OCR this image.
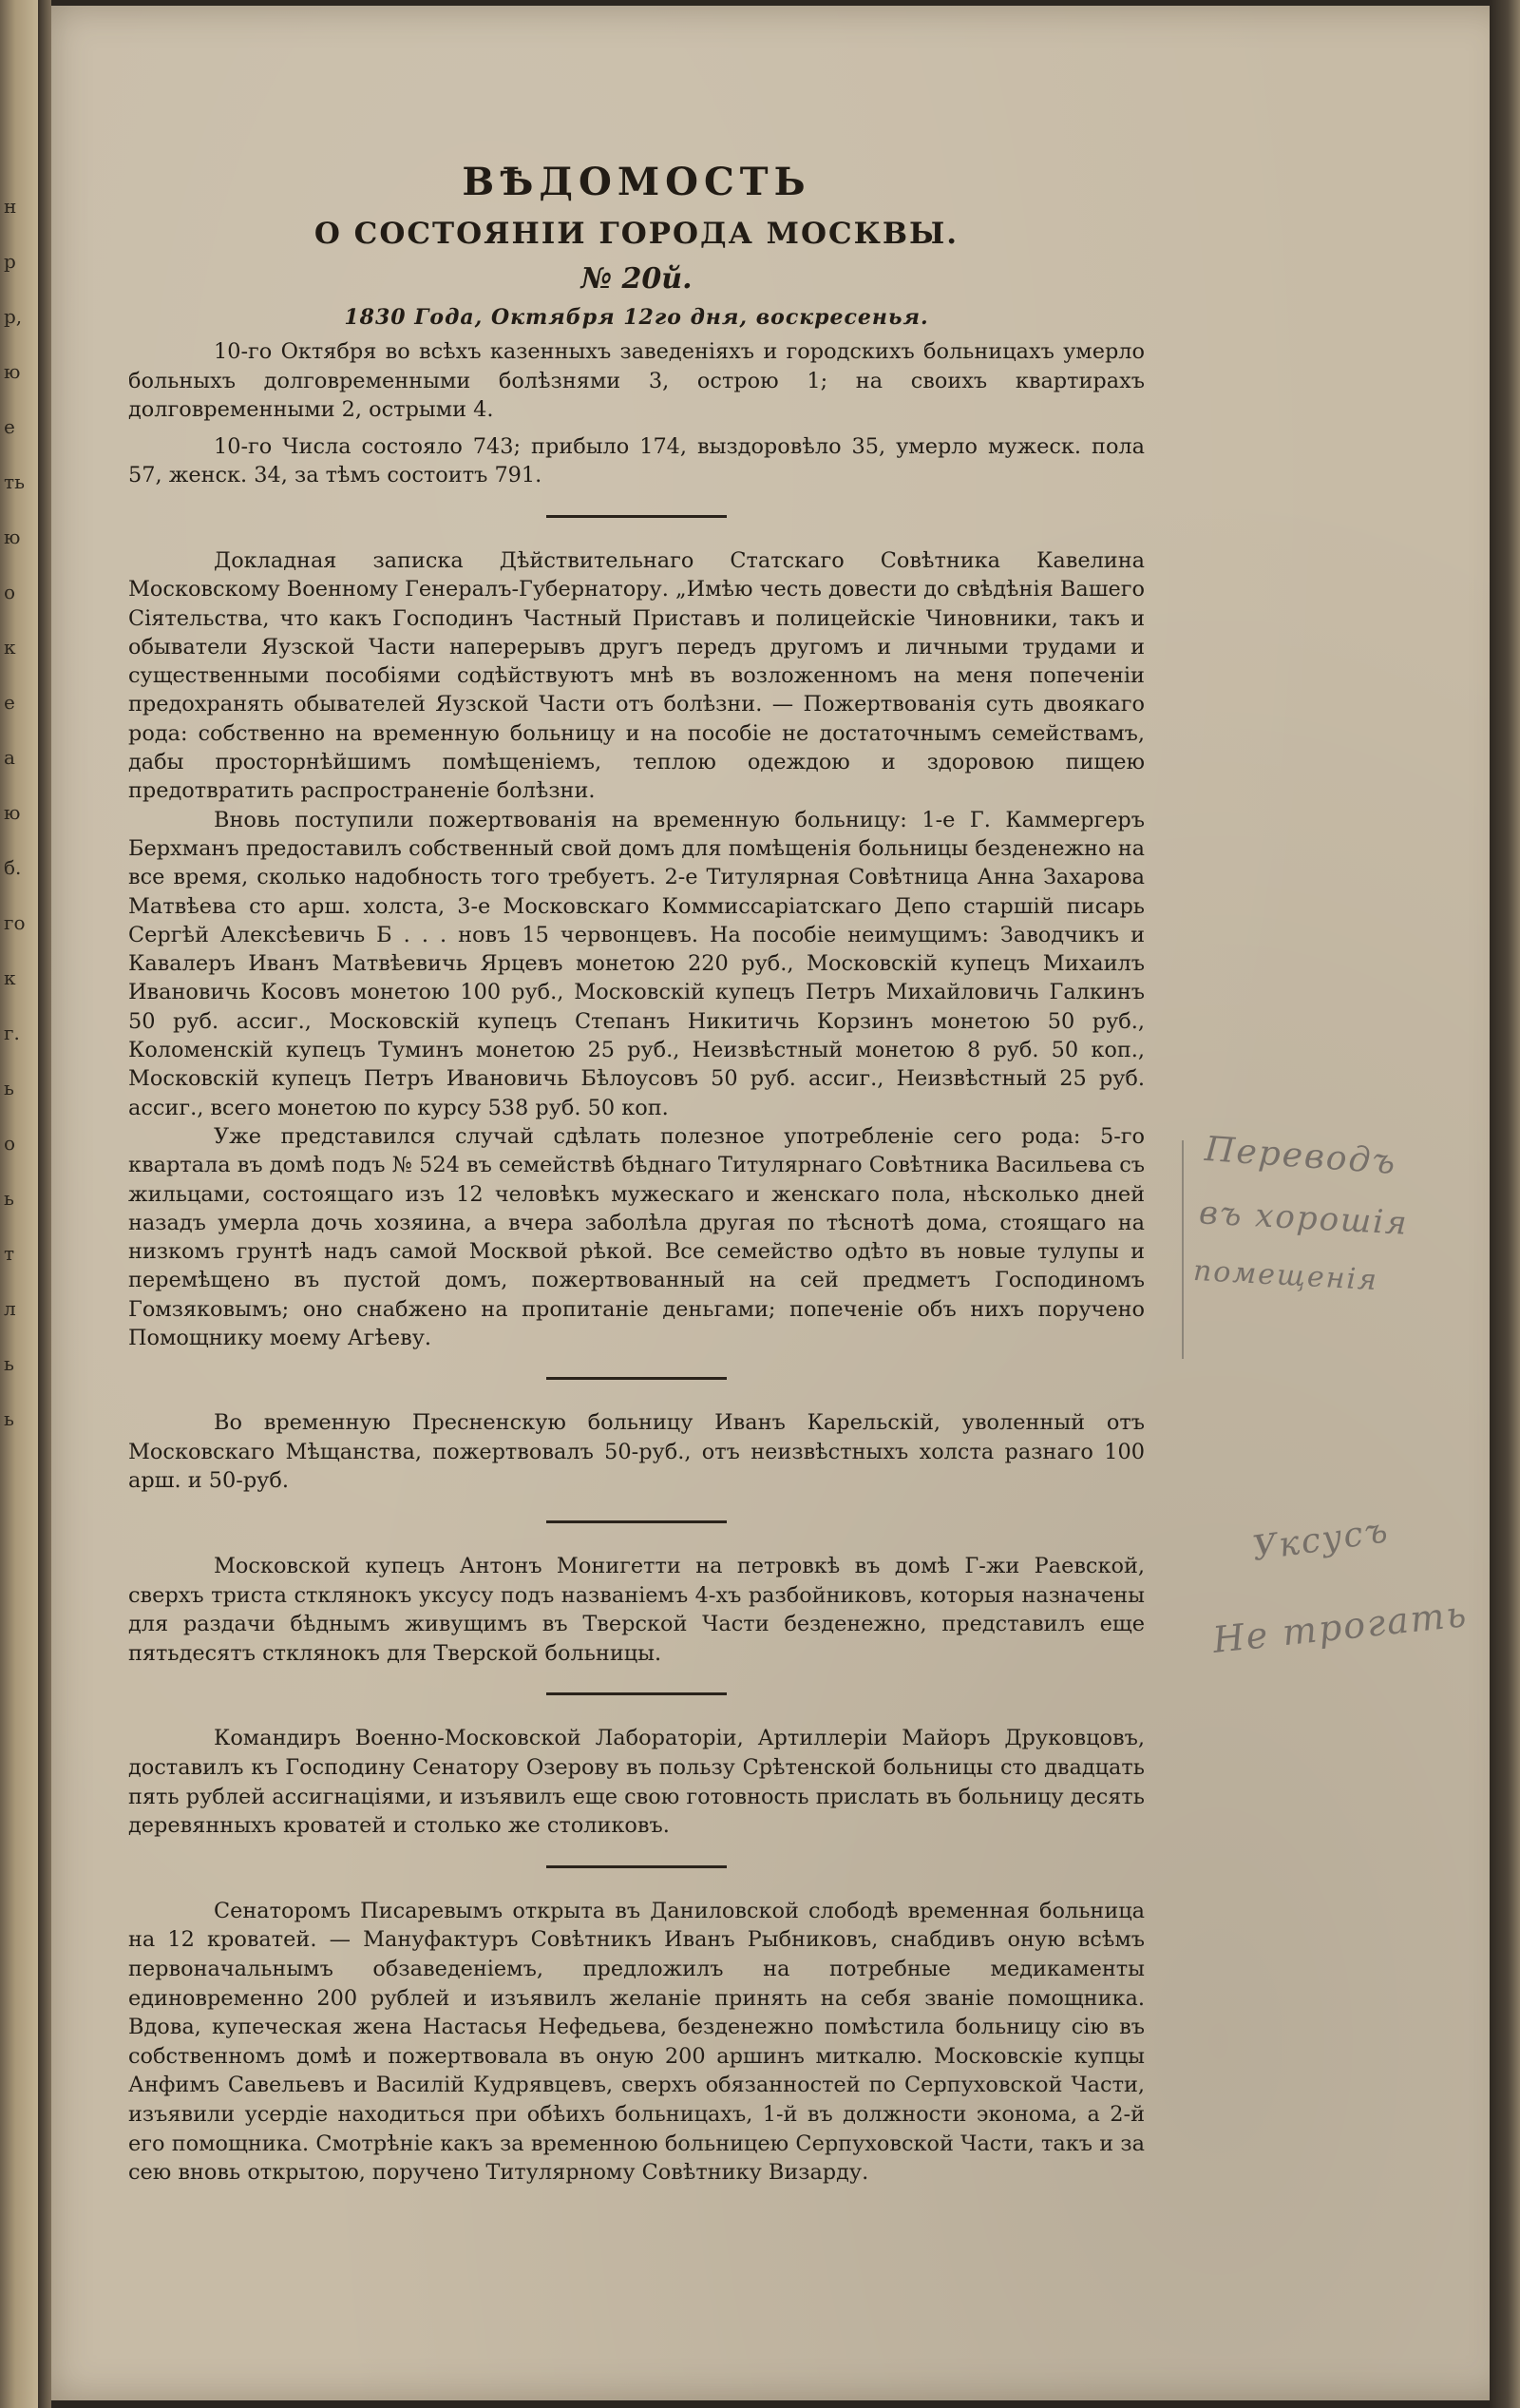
н
р
р,
ю
е
ть
ю
о
к
е
а
ю
б.
го
к
г.
ь
о
ь
т
л
ь
ь
ВѢДОМОСТЬ
О СОСТОЯНІИ ГОРОДА МОСКВЫ.
№ 20й.
1830 Года, Октября 12го дня, воскресенья.

10-го Октября во всѣхъ казенныхъ заведеніяхъ и городскихъ больницахъ умерло больныхъ долговременными болѣзнями 3, острою 1; на своихъ квартирахъ долговременными 2, острыми 4.

10-го Числа состояло 743; прибыло 174, выздоровѣло 35, умерло мужеск. пола 57, женск. 34, за тѣмъ состоитъ 791.

Докладная записка Дѣйствительнаго Статскаго Совѣтника Кавелина Московскому Военному Генералъ-Губернатору. „Имѣю честь довести до свѣдѣнія Вашего Сіятельства, что какъ Господинъ Частный Приставъ и полицейскіе Чиновники, такъ и обыватели Яузской Части наперерывъ другъ передъ другомъ и личными трудами и существенными пособіями содѣйствуютъ мнѣ въ возложенномъ на меня попеченіи предохранять обывателей Яузской Части отъ болѣзни. — Пожертвованія суть двоякаго рода: собственно на временную больницу и на пособіе не достаточнымъ семействамъ, дабы просторнѣйшимъ помѣщеніемъ, теплою одеждою и здоровою пищею предотвратить распространеніе болѣзни.

Вновь поступили пожертвованія на временную больницу: 1-е Г. Каммергеръ Берхманъ предоставилъ собственный свой домъ для помѣщенія больницы безденежно на все время, сколько надобность того требуетъ. 2-е Титулярная Совѣтница Анна Захарова Матвѣева сто арш. холста, 3-е Московскаго Коммиссаріатскаго Депо старшій писарь Сергѣй Алексѣевичь Б . . . новъ 15 червонцевъ. На пособіе неимущимъ: Заводчикъ и Кавалеръ Иванъ Матвѣевичь Ярцевъ монетою 220 руб., Московскій купецъ Михаилъ Ивановичь Косовъ монетою 100 руб., Московскій купецъ Петръ Михайловичь Галкинъ 50 руб. ассиг., Московскій купецъ Степанъ Никитичь Корзинъ монетою 50 руб., Коломенскій купецъ Туминъ монетою 25 руб., Неизвѣстный монетою 8 руб. 50 коп., Московскій купецъ Петръ Ивановичь Бѣлоусовъ 50 руб. ассиг., Неизвѣстный 25 руб. ассиг., всего монетою по курсу 538 руб. 50 коп.

Уже представился случай сдѣлать полезное употребленіе сего рода: 5-го квартала въ домѣ подъ № 524 въ семействѣ бѣднаго Титулярнаго Совѣтника Васильева съ жильцами, состоящаго изъ 12 человѣкъ мужескаго и женскаго пола, нѣсколько дней назадъ умерла дочь хозяина, а вчера заболѣла другая по тѣснотѣ дома, стоящаго на низкомъ грунтѣ надъ самой Москвой рѣкой. Все семейство одѣто въ новые тулупы и перемѣщено въ пустой домъ, пожертвованный на сей предметъ Господиномъ Гомзяковымъ; оно снабжено на пропитаніе деньгами; попеченіе объ нихъ поручено Помощнику моему Агѣеву.

Во временную Пресненскую больницу Иванъ Карельскій, уволенный отъ Московскаго Мѣщанства, пожертвовалъ 50-руб., отъ неизвѣстныхъ холста разнаго 100 арш. и 50-руб.

Московской купецъ Антонъ Монигетти на петровкѣ въ домѣ Г-жи Раевской, сверхъ триста стклянокъ уксусу подъ названіемъ 4-хъ разбойниковъ, которыя назначены для раздачи бѣднымъ живущимъ въ Тверской Части безденежно, представилъ еще пятьдесятъ стклянокъ для Тверской больницы.

Командиръ Военно-Московской Лабораторіи, Артиллеріи Майоръ Друковцовъ, доставилъ къ Господину Сенатору Озерову въ пользу Срѣтенской больницы сто двадцать пять рублей ассигнаціями, и изъявилъ еще свою готовность прислать въ больницу десять деревянныхъ кроватей и столько же столиковъ.

Сенаторомъ Писаревымъ открыта въ Даниловской слободѣ временная больница на 12 кроватей. — Мануфактуръ Совѣтникъ Иванъ Рыбниковъ, снабдивъ оную всѣмъ первоначальнымъ обзаведеніемъ, предложилъ на потребные медикаменты единовременно 200 рублей и изъявилъ желаніе принять на себя званіе помощника. Вдова, купеческая жена Настасья Нефедьева, безденежно помѣстила больницу сію въ собственномъ домѣ и пожертвовала въ оную 200 аршинъ миткалю. Московскіе купцы Анфимъ Савельевъ и Василій Кудрявцевъ, сверхъ обязанностей по Серпуховской Части, изъявили усердіе находиться при обѣихъ больницахъ, 1-й въ должности эконома, а 2-й его помощника. Смотрѣніе какъ за временною больницею Серпуховской Части, такъ и за сею вновь открытою, поручено Титулярному Совѣтнику Визарду.

Переводъ
въ хорошiя
помещенiя
Уксусъ
Не трогать
